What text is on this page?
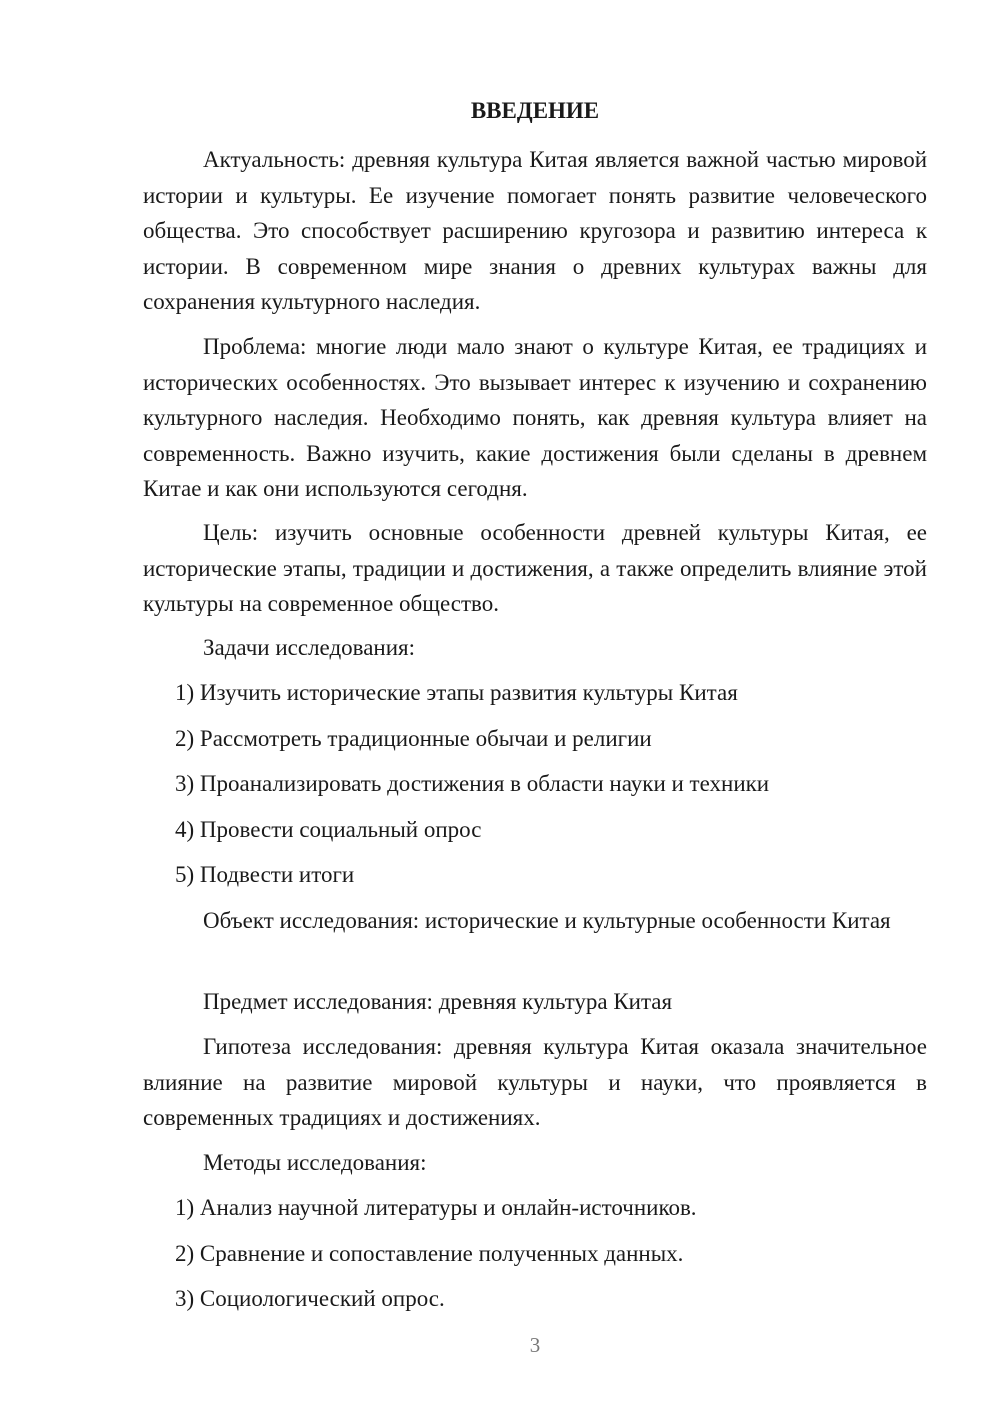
ВВЕДЕНИЕ

Актуальность: древняя культура Китая является важной частью мировой истории и культуры. Ее изучение помогает понять развитие человеческого общества. Это способствует расширению кругозора и развитию интереса к истории. В современном мире знания о древних культурах важны для сохранения культурного наследия.

Проблема: многие люди мало знают о культуре Китая, ее традициях и исторических особенностях. Это вызывает интерес к изучению и сохранению культурного наследия. Необходимо понять, как древняя культура влияет на современность. Важно изучить, какие достижения были сделаны в древнем Китае и как они используются сегодня.

Цель: изучить основные особенности древней культуры Китая, ее исторические этапы, традиции и достижения, а также определить влияние этой культуры на современное общество.

Задачи исследования:

1) Изучить исторические этапы развития культуры Китая

2) Рассмотреть традиционные обычаи и религии

3) Проанализировать достижения в области науки и техники

4) Провести социальный опрос

5) Подвести итоги

Объект исследования: исторические и культурные особенности Китая

Предмет исследования: древняя культура Китая

Гипотеза исследования: древняя культура Китая оказала значительное влияние на развитие мировой культуры и науки, что проявляется в современных традициях и достижениях.

Методы исследования:

1) Анализ научной литературы и онлайн-источников.

2) Сравнение и сопоставление полученных данных.

3) Социологический опрос.

3
